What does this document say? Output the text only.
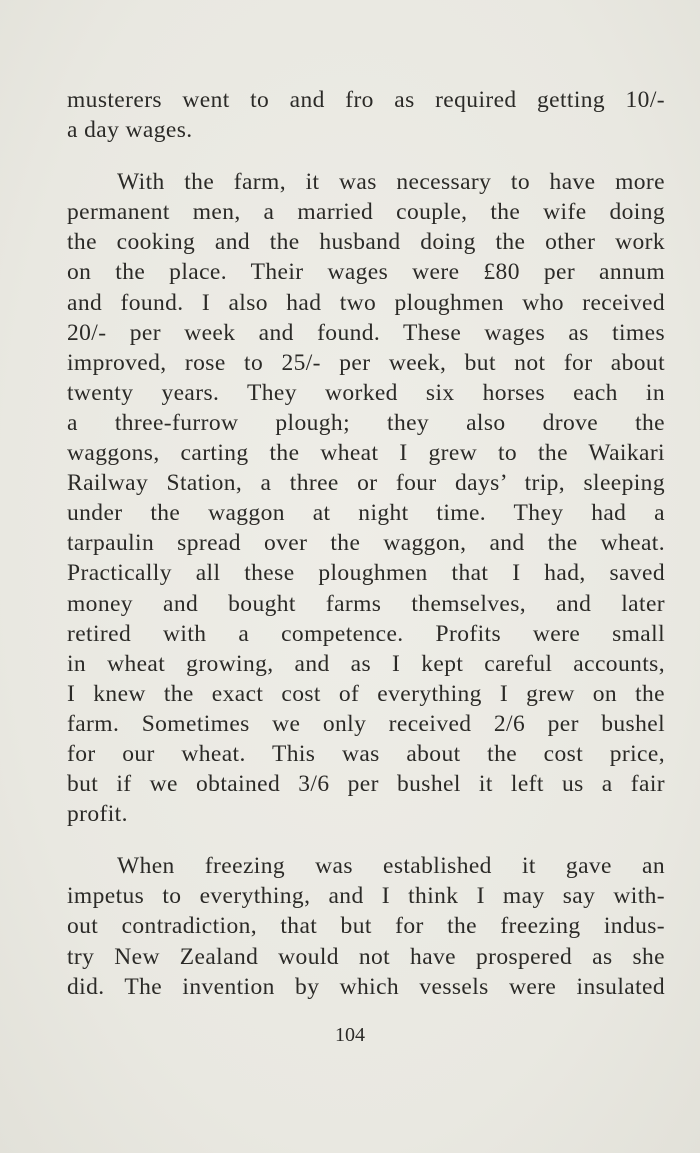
musterers went to and fro as required getting 10/-
a day wages.
With the farm, it was necessary to have more
permanent men, a married couple, the wife doing
the cooking and the husband doing the other work
on the place. Their wages were £80 per annum
and found. I also had two ploughmen who received
20/- per week and found. These wages as times
improved, rose to 25/- per week, but not for about
twenty years. They worked six horses each in
a three-furrow plough; they also drove the
waggons, carting the wheat I grew to the Waikari
Railway Station, a three or four days’ trip, sleeping
under the waggon at night time. They had a
tarpaulin spread over the waggon, and the wheat.
Practically all these ploughmen that I had, saved
money and bought farms themselves, and later
retired with a competence. Profits were small
in wheat growing, and as I kept careful accounts,
I knew the exact cost of everything I grew on the
farm. Sometimes we only received 2/6 per bushel
for our wheat. This was about the cost price,
but if we obtained 3/6 per bushel it left us a fair
profit.
When freezing was established it gave an
impetus to everything, and I think I may say with-
out contradiction, that but for the freezing indus-
try New Zealand would not have prospered as she
did. The invention by which vessels were insulated
104
